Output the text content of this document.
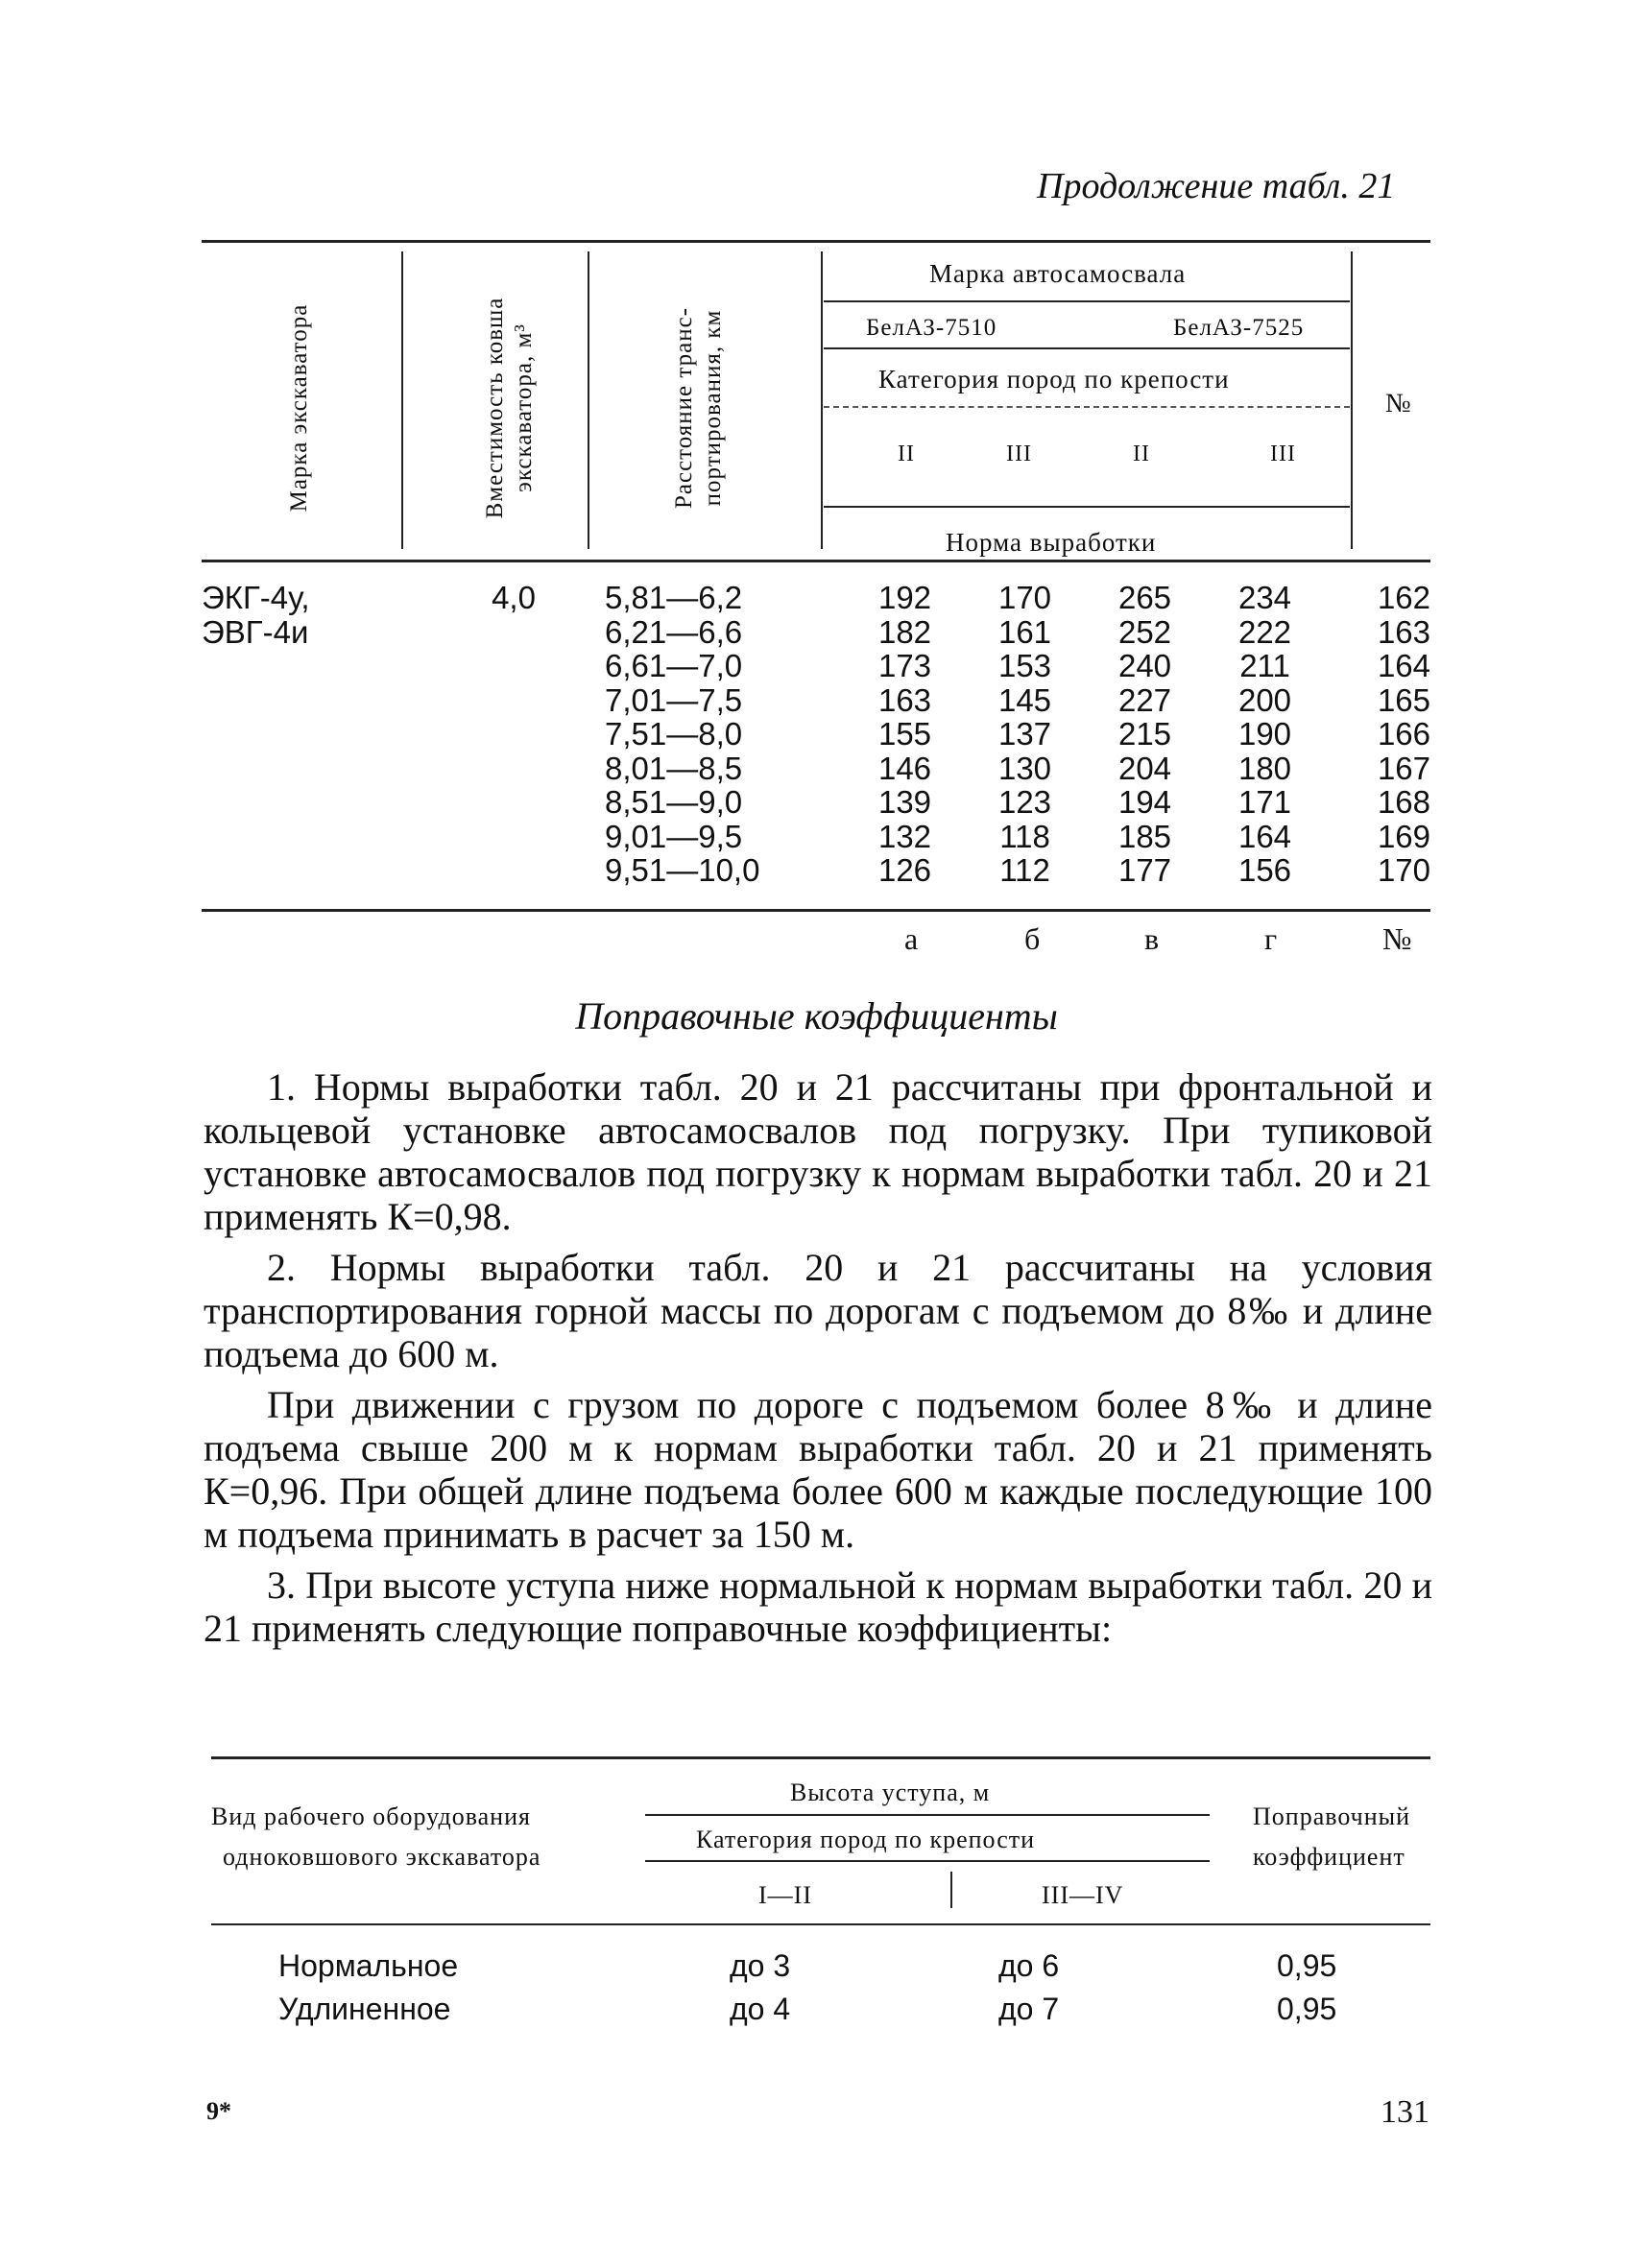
Продолжение табл. 21
Марка экскаватора	Вместимость ковша экскаватора, м³	Расстояние транс- портирования, км
Марка автосамосвала
БелАЗ-7510	БелАЗ-7525
Категория пород по крепости
II	III	II	III
Норма выработки
№
ЭКГ-4у,	4,0	5,81—6,2	192	170	265	234	162
ЭВГ-4и		6,21—6,6	182	161	252	222	163
		6,61—7,0	173	153	240	211	164
		7,01—7,5	163	145	227	200	165
		7,51—8,0	155	137	215	190	166
		8,01—8,5	146	130	204	180	167
		8,51—9,0	139	123	194	171	168
		9,01—9,5	132	118	185	164	169
		9,51—10,0	126	112	177	156	170
а	б	в	г	№
Поправочные коэффициенты

1. Нормы выработки табл. 20 и 21 рассчитаны при фронтальной и кольцевой установке автосамосвалов под погрузку. При тупиковой установке автосамосвалов под погрузку к нормам выработки табл. 20 и 21 применять К=0,98.

2. Нормы выработки табл. 20 и 21 рассчитаны на условия транспортирования горной массы по дорогам с подъемом до 8‰ и длине подъема до 600 м.

При движении с грузом по дороге с подъемом более 8‰ и длине подъема свыше 200 м к нормам выработки табл. 20 и 21 применять К=0,96. При общей длине подъема более 600 м каждые последующие 100 м подъема принимать в расчет за 150 м.

3. При высоте уступа ниже нормальной к нормам выработки табл. 20 и 21 применять следующие поправочные коэффициенты:

Вид рабочего оборудования
одноковшового экскаватора
Высота уступа, м
Категория пород по крепости
I—II	III—IV
Поправочный
коэффициент
Нормальное	до 3	до 6	0,95
Удлиненное	до 4	до 7	0,95
9*	131
